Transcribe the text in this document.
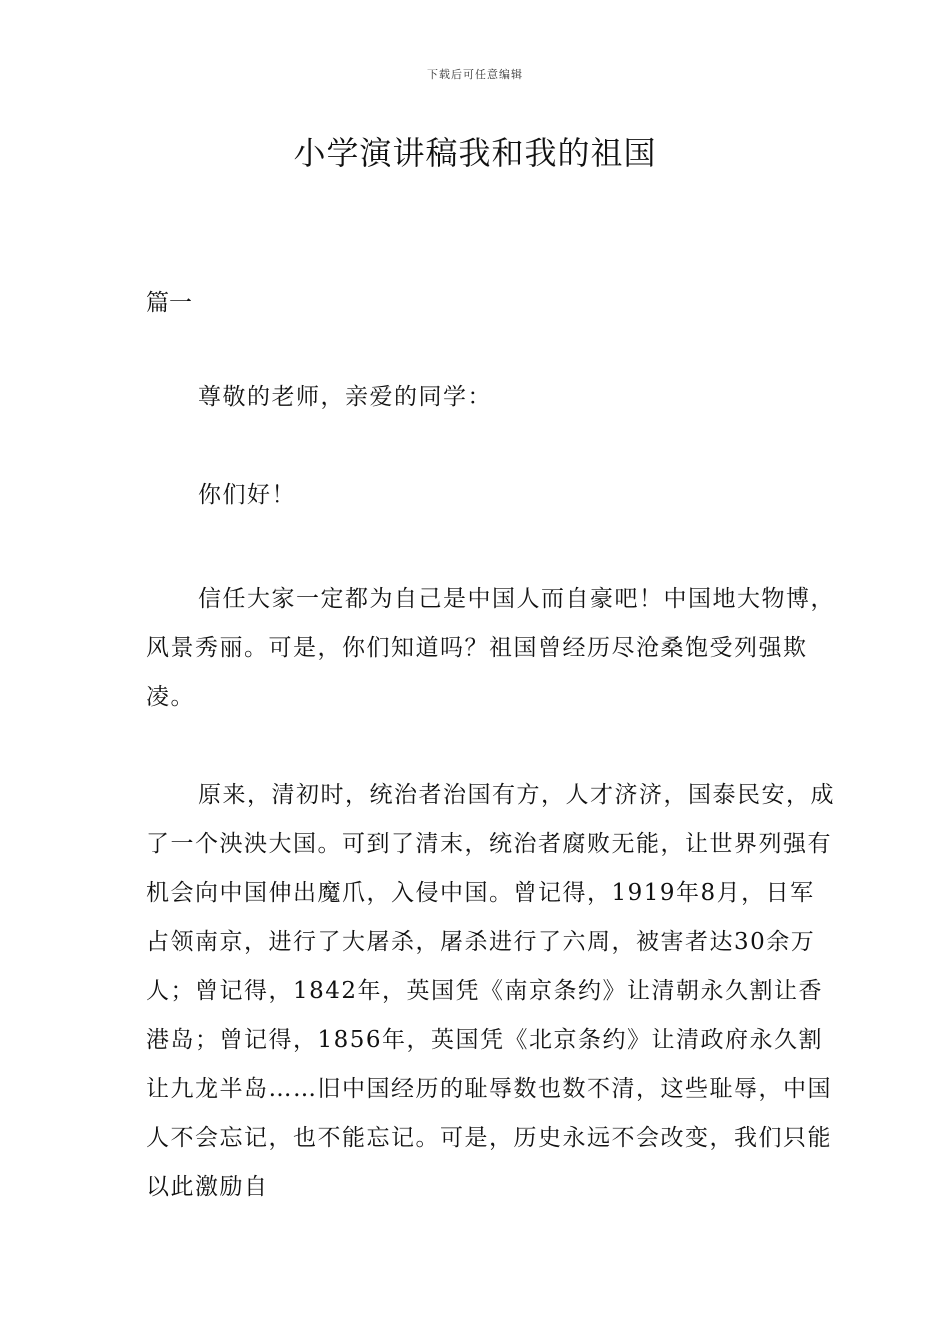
下载后可任意编辑
小学演讲稿我和我的祖国
篇一

尊敬的老师，亲爱的同学：

你们好！

信任大家一定都为自己是中国人而自豪吧！中国地大物博，风景秀丽。可是，你们知道吗？祖国曾经历尽沧桑饱受列强欺凌。

原来，清初时，统治者治国有方，人才济济，国泰民安，成了一个泱泱大国。可到了清末，统治者腐败无能，让世界列强有机会向中国伸出魔爪，入侵中国。曾记得，1919年8月，日军占领南京，进行了大屠杀，屠杀进行了六周，被害者达30余万人；曾记得，1842年，英国凭《南京条约》让清朝永久割让香港岛；曾记得，1856年，英国凭《北京条约》让清政府永久割让九龙半岛……旧中国经历的耻辱数也数不清，这些耻辱，中国人不会忘记，也不能忘记。可是，历史永远不会改变，我们只能以此激励自
